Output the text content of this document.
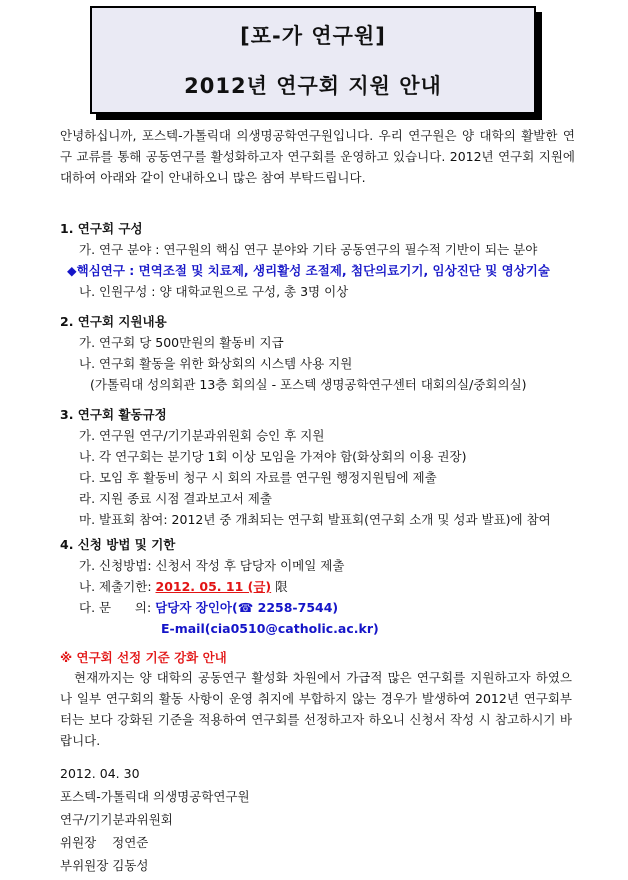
[포-가 연구원]
2012년 연구회 지원 안내
안녕하십니까, 포스텍-가톨릭대 의생명공학연구원입니다. 우리 연구원은 양 대학의 활발한 연구 교류를 통해 공동연구를 활성화하고자 연구회를 운영하고 있습니다. 2012년 연구회 지원에 대하여 아래와 같이 안내하오니 많은 참여 부탁드립니다.
1. 연구회 구성
가. 연구 분야 : 연구원의 핵심 연구 분야와 기타 공동연구의 필수적 기반이 되는 분야
◆핵심연구 : 면역조절 및 치료제, 생리활성 조절제, 첨단의료기기, 임상진단 및 영상기술
나. 인원구성 : 양 대학교원으로 구성, 총 3명 이상
2. 연구회 지원내용
가. 연구회 당 500만원의 활동비 지급
나. 연구회 활동을 위한 화상회의 시스템 사용 지원
(가톨릭대 성의회관 13층 회의실 - 포스텍 생명공학연구센터 대회의실/중회의실)
3. 연구회 활동규정
가. 연구원 연구/기기분과위원회 승인 후 지원
나. 각 연구회는 분기당 1회 이상 모임을 가져야 함(화상회의 이용 권장)
다. 모임 후 활동비 청구 시 회의 자료를 연구원 행정지원팀에 제출
라. 지원 종료 시점 결과보고서 제출
마. 발표회 참여: 2012년 중 개최되는 연구회 발표회(연구회 소개 및 성과 발표)에 참여
4. 신청 방법 및 기한
가. 신청방법: 신청서 작성 후 담당자 이메일 제출
나. 제출기한: 2012. 05. 11 (금) 限
다. 문      의: 담당자 장인아(☎ 2258-7544)
E-mail(cia0510@catholic.ac.kr)
※ 연구회 선정 기준 강화 안내
현재까지는 양 대학의 공동연구 활성화 차원에서 가급적 많은 연구회를 지원하고자 하였으나 일부 연구회의 활동 사항이 운영 취지에 부합하지 않는 경우가 발생하여 2012년 연구회부터는 보다 강화된 기준을 적용하여 연구회를 선정하고자 하오니 신청서 작성 시 참고하시기 바랍니다.
2012. 04. 30
포스텍-가톨릭대 의생명공학연구원
연구/기기분과위원회
위원장    정연준
부위원장 김동성
